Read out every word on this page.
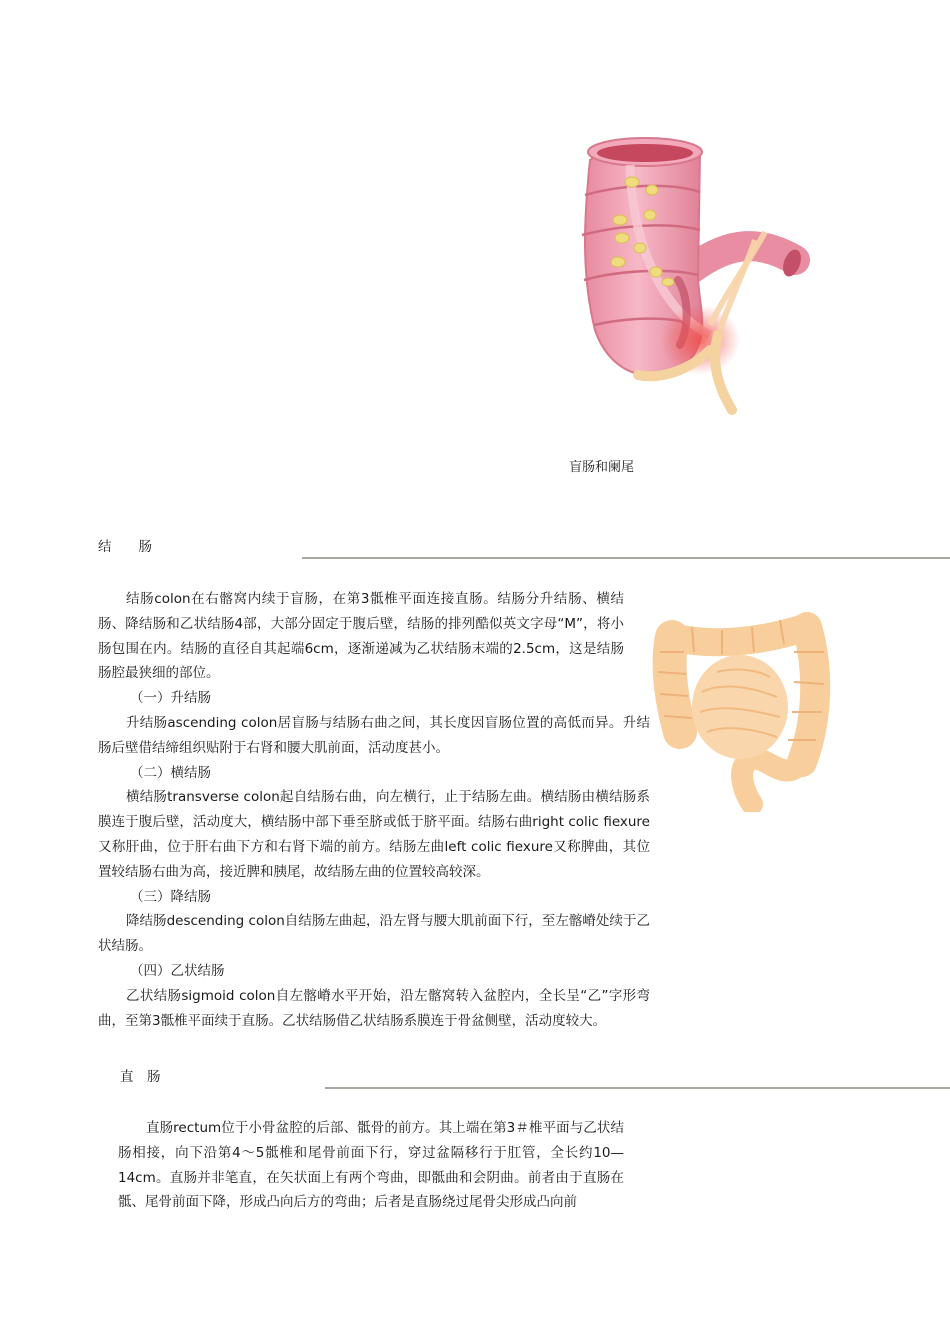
盲肠和阑尾
结　　肠

结肠colon在右髂窝内续于盲肠，在第3骶椎平面连接直肠。结肠分升结肠、横结肠、降结肠和乙状结肠4部，大部分固定于腹后壁，结肠的排列酷似英文字母“M”，将小肠包围在内。结肠的直径自其起端6cm，逐渐递减为乙状结肠末端的2.5cm，这是结肠肠腔最狭细的部位。

（一）升结肠

升结肠ascending colon居盲肠与结肠右曲之间，其长度因盲肠位置的高低而异。升结肠后壁借结缔组织贴附于右肾和腰大肌前面，活动度甚小。

（二）横结肠

横结肠transverse colon起自结肠右曲，向左横行，止于结肠左曲。横结肠由横结肠系膜连于腹后壁，活动度大，横结肠中部下垂至脐或低于脐平面。结肠右曲right colic fiexure又称肝曲，位于肝右曲下方和右肾下端的前方。结肠左曲left colic fiexure又称脾曲，其位置较结肠右曲为高，接近脾和胰尾，故结肠左曲的位置较高较深。

（三）降结肠

降结肠descending colon自结肠左曲起，沿左肾与腰大肌前面下行，至左髂嵴处续于乙状结肠。

（四）乙状结肠

乙状结肠sigmoid colon自左髂嵴水平开始，沿左髂窝转入盆腔内，全长呈“乙”字形弯曲，至第3骶椎平面续于直肠。乙状结肠借乙状结肠系膜连于骨盆侧壁，活动度较大。

直　肠

直肠rectum位于小骨盆腔的后部、骶骨的前方。其上端在第3＃椎平面与乙状结肠相接，向下沿第4～5骶椎和尾骨前面下行，穿过盆隔移行于肛管，全长约10—14cm。直肠并非笔直，在矢状面上有两个弯曲，即骶曲和会阴曲。前者由于直肠在骶、尾骨前面下降，形成凸向后方的弯曲；后者是直肠绕过尾骨尖形成凸向前
